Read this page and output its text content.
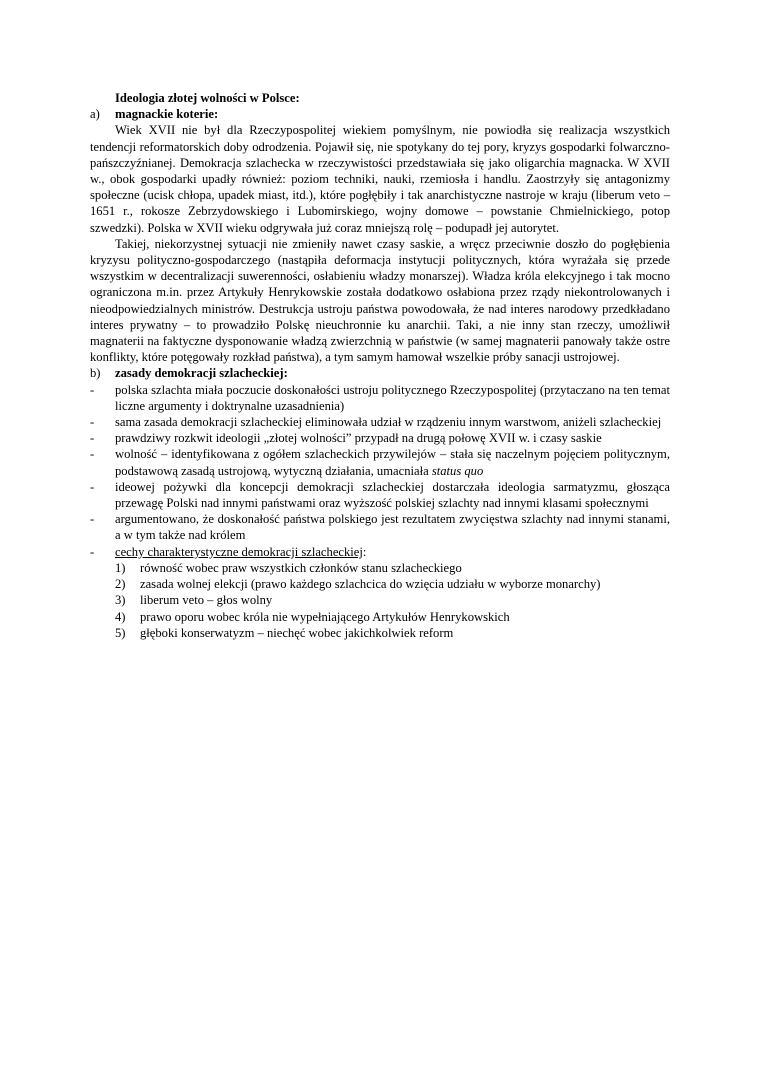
Ideologia złotej wolności w Polsce:
a)	magnackie koterie:

Wiek XVII nie był dla Rzeczypospolitej wiekiem pomyślnym, nie powiodła się realizacja wszystkich tendencji reformatorskich doby odrodzenia. Pojawił się, nie spotykany do tej pory, kryzys gospodarki folwarczno-pańszczyźnianej. Demokracja szlachecka w rzeczywistości przedstawiała się jako oligarchia magnacka. W XVII w., obok gospodarki upadły również: poziom techniki, nauki, rzemiosła i handlu. Zaostrzyły się antagonizmy społeczne (ucisk chłopa, upadek miast, itd.), które pogłębiły i tak anarchistyczne nastroje w kraju (liberum veto – 1651 r., rokosze Zebrzydowskiego i Lubomirskiego, wojny domowe – powstanie Chmielnickiego, potop szwedzki). Polska w XVII wieku odgrywała już coraz mniejszą rolę – podupadł jej autorytet.

Takiej, niekorzystnej sytuacji nie zmieniły nawet czasy saskie, a wręcz przeciwnie doszło do pogłębienia kryzysu polityczno-gospodarczego (nastąpiła deformacja instytucji politycznych, która wyrażała się przede wszystkim w decentralizacji suwerenności, osłabieniu władzy monarszej). Władza króla elekcyjnego i tak mocno ograniczona m.in. przez Artykuły Henrykowskie została dodatkowo osłabiona przez rządy niekontrolowanych i nieodpowiedzialnych ministrów. Destrukcja ustroju państwa powodowała, że nad interes narodowy przedkładano interes prywatny – to prowadziło Polskę nieuchronnie ku anarchii. Taki, a nie inny stan rzeczy, umożliwił magnaterii na faktyczne dysponowanie władzą zwierzchnią w państwie (w samej magnaterii panowały także ostre konflikty, które potęgowały rozkład państwa), a tym samym hamował wszelkie próby sanacji ustrojowej.

b)	zasady demokracji szlacheckiej:
-	polska szlachta miała poczucie doskonałości ustroju politycznego Rzeczypospolitej (przytaczano na ten temat liczne argumenty i doktrynalne uzasadnienia)
-	sama zasada demokracji szlacheckiej eliminowała udział w rządzeniu innym warstwom, aniżeli szlacheckiej
-	prawdziwy rozkwit ideologii „złotej wolności” przypadł na drugą połowę XVII w. i czasy saskie
-	wolność – identyfikowana z ogółem szlacheckich przywilejów – stała się naczelnym pojęciem politycznym, podstawową zasadą ustrojową, wytyczną działania, umacniała status quo
-	ideowej pożywki dla koncepcji demokracji szlacheckiej dostarczała ideologia sarmatyzmu, głosząca przewagę Polski nad innymi państwami oraz wyższość polskiej szlachty nad innymi klasami społecznymi
-	argumentowano, że doskonałość państwa polskiego jest rezultatem zwycięstwa szlachty nad innymi stanami, a w tym także nad królem
-	cechy charakterystyczne demokracji szlacheckiej:
1)	równość wobec praw wszystkich członków stanu szlacheckiego
2)	zasada wolnej elekcji (prawo każdego szlachcica do wzięcia udziału w wyborze monarchy)
3)	liberum veto – głos wolny
4)	prawo oporu wobec króla nie wypełniającego Artykułów Henrykowskich
5)	głęboki konserwatyzm – niechęć wobec jakichkolwiek reform
